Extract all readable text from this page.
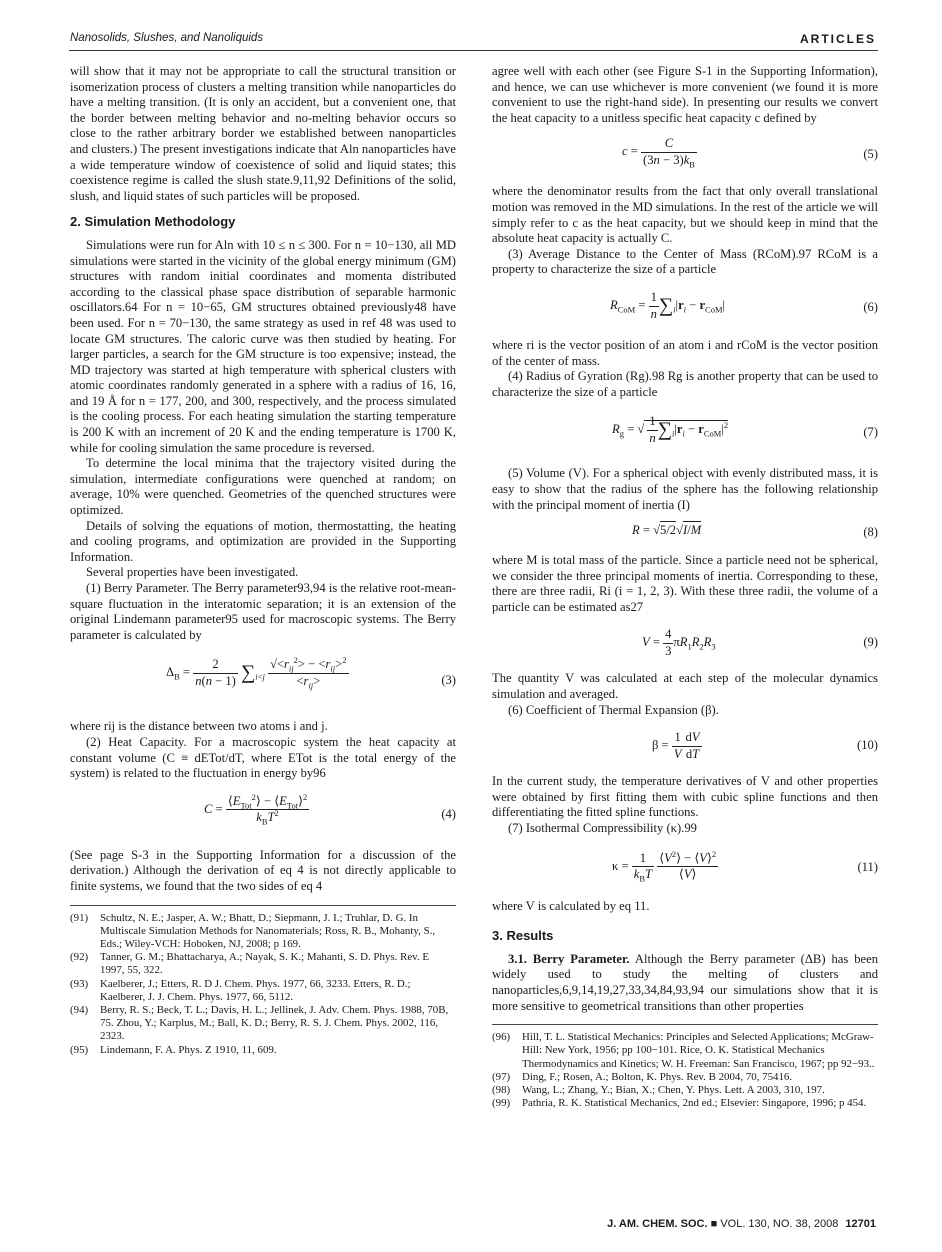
Nanosolids, Slushes, and Nanoliquids	ARTICLES

will show that it may not be appropriate to call the structural transition or isomerization process of clusters a melting transition while nanoparticles do have a melting transition. (It is only an accident, but a convenient one, that the border between melting behavior and no-melting behavior occurs so close to the rather arbitrary border we established between nanoparticles and clusters.) The present investigations indicate that Aln nanoparticles have a wide temperature window of coexistence of solid and liquid states; this coexistence regime is called the slush state.9,11,92 Definitions of the solid, slush, and liquid states of such particles will be proposed.

2. Simulation Methodology

Simulations were run for Aln with 10 ≤ n ≤ 300. For n = 10−130, all MD simulations were started in the vicinity of the global energy minimum (GM) structures with random initial coordinates and momenta distributed according to the classical phase space distribution of separable harmonic oscillators.64 For n = 10−65, GM structures obtained previously48 have been used. For n = 70−130, the same strategy as used in ref 48 was used to locate GM structures. The caloric curve was then studied by heating. For larger particles, a search for the GM structure is too expensive; instead, the MD trajectory was started at high temperature with spherical clusters with atomic coordinates randomly generated in a sphere with a radius of 16, 16, and 19 Å for n = 177, 200, and 300, respectively, and the process simulated is the cooling process. For each heating simulation the starting temperature is 200 K with an increment of 20 K and the ending temperature is 1700 K, while for cooling simulation the same procedure is reversed.

To determine the local minima that the trajectory visited during the simulation, intermediate configurations were quenched at random; on average, 10% were quenched. Geometries of the quenched structures were optimized.

Details of solving the equations of motion, thermostatting, the heating and cooling programs, and optimization are provided in the Supporting Information.

Several properties have been investigated.

(1) Berry Parameter. The Berry parameter93,94 is the relative root-mean-square fluctuation in the interatomic separation; it is an extension of the original Lindemann parameter95 used for macroscopic systems. The Berry parameter is calculated by

$\Delta_B = \frac{2}{n(n - 1)} \sum_{i<j} \frac{√<r_{ij}^2> - <r_{ij}>^2}{<r_{ij}>}$	(3)

where rij is the distance between two atoms i and j.

(2) Heat Capacity. For a macroscopic system the heat capacity at constant volume (C ≡ dETot/dT, where ETot is the total energy of the system) is related to the fluctuation in energy by96

$C = \frac{⟨E_{Tot}^2⟩ - ⟨E_{Tot}⟩^2}{k_BT^2}$	(4)

(See page S-3 in the Supporting Information for a discussion of the derivation.) Although the derivation of eq 4 is not directly applicable to finite systems, we found that the two sides of eq 4

(91)	Schultz, N. E.; Jasper, A. W.; Bhatt, D.; Siepmann, J. I.; Truhlar, D. G. In Multiscale Simulation Methods for Nanomaterials; Ross, R. B., Mohanty, S., Eds.; Wiley-VCH: Hoboken, NJ, 2008; p 169.
(92)	Tanner, G. M.; Bhattacharya, A.; Nayak, S. K.; Mahanti, S. D. Phys. Rev. E 1997, 55, 322.
(93)	Kaelberer, J.; Etters, R. D J. Chem. Phys. 1977, 66, 3233. Etters, R. D.; Kaelberer, J. J. Chem. Phys. 1977, 66, 5112.
(94)	Berry, R. S.; Beck, T. L.; Davis, H. L.; Jellinek, J. Adv. Chem. Phys. 1988, 70B, 75. Zhou, Y.; Karplus, M.; Ball, K. D.; Berry, R. S. J. Chem. Phys. 2002, 116, 2323.
(95)	Lindemann, F. A. Phys. Z 1910, 11, 609.

agree well with each other (see Figure S-1 in the Supporting Information), and hence, we can use whichever is more convenient (we found it is more convenient to use the right-hand side). In presenting our results we convert the heat capacity to a unitless specific heat capacity c defined by

$c = \frac{C}{(3n - 3)k_B}$	(5)

where the denominator results from the fact that only overall translational motion was removed in the MD simulations. In the rest of the article we will simply refer to c as the heat capacity, but we should keep in mind that the absolute heat capacity is actually C.

(3) Average Distance to the Center of Mass (RCoM).97 RCoM is a property to characterize the size of a particle

$R_{CoM} = \frac{1}{n} \sum_i|r_i - r_{CoM}|$	(6)

where ri is the vector position of an atom i and rCoM is the vector position of the center of mass.

(4) Radius of Gyration (Rg).98 Rg is another property that can be used to characterize the size of a particle

$R_g$ = √ $\frac{1}{n} \sum_i|r_i - r_{CoM}|^2$
(7)

(5) Volume (V). For a spherical object with evenly distributed mass, it is easy to show that the radius of the sphere has the following relationship with the principal moment of inertia (I)

R = √5/2√I/M	(8)

where M is total mass of the particle. Since a particle need not be spherical, we consider the three principal moments of inertia. Corresponding to these, there are three radii, Ri (i = 1, 2, 3). With these three radii, the volume of a particle can be estimated as27

$V = \frac{4}{3} \pi R_1R_2R_3$	(9)

The quantity V was calculated at each step of the molecular dynamics simulation and averaged.

(6) Coefficient of Thermal Expansion (β).

$\beta = \frac{1}{V} \frac{dV}{dT}$	(10)

In the current study, the temperature derivatives of V and other properties were obtained by first fitting them with cubic spline functions and then differentiating the fitted spline functions.

(7) Isothermal Compressibility (κ).99

$\kappa = \frac{1}{k_BT}$
$\frac{⟨V^2⟩ - ⟨V⟩^2}{⟨V⟩}$	(11)

where V is calculated by eq 11.

3. Results

3.1. Berry Parameter. Although the Berry parameter (ΔB) has been widely used to study the melting of clusters and nanoparticles,6,9,14,19,27,33,34,84,93,94 our simulations show that it is more sensitive to geometrical transitions than other properties

(96)	Hill, T. L. Statistical Mechanics: Principles and Selected Applications; McGraw-Hill: New York, 1956; pp 100−101. Rice, O. K. Statistical Mechanics Thermodynamics and Kinetics; W. H. Freeman: San Francisco, 1967; pp 92−93..
(97)	Ding, F.; Rosen, A.; Bolton, K. Phys. Rev. B 2004, 70, 75416.
(98)	Wang, L.; Zhang, Y.; Bian, X.; Chen, Y. Phys. Lett. A 2003, 310, 197.
(99)	Pathria, R. K. Statistical Mechanics, 2nd ed.; Elsevier: Singapore, 1996; p 454.
J. AM. CHEM. SOC. ■ VOL. 130, NO. 38, 2008 12701
